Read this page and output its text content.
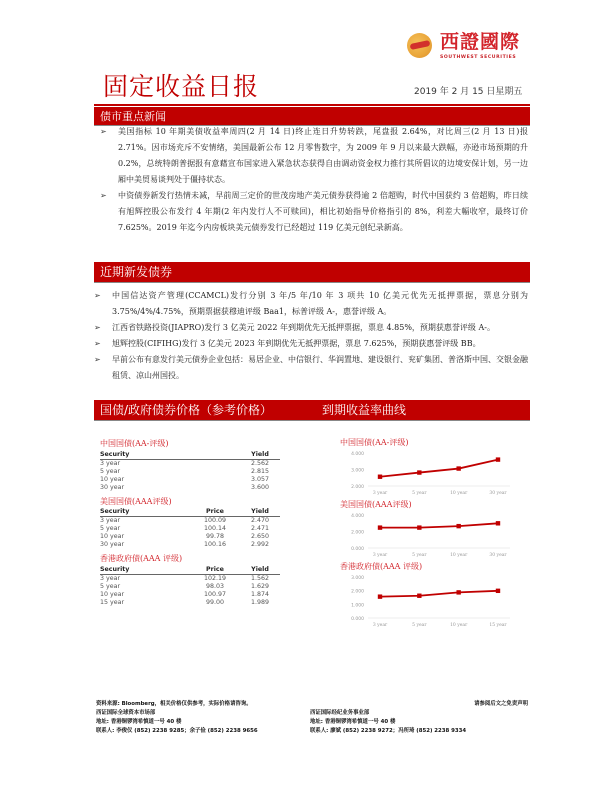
西證國際
SOUTHWEST SECURITIES
固定收益日报	2019 年 2 月 15 日星期五
债市重点新闻
➢ 美国指标 10 年期美债收益率周四(2 月 14 日)终止连日升势转跌，尾盘报 2.64%，对比周三(2 月 13 日)报 2.71%。因市场充斥不安情绪，美国最新公布 12 月零售数字，为 2009 年 9 月以来最大跌幅，亦逊市场预期的升 0.2%，总统特朗普据报有意藉宣布国家进入紧急状态获得自由调动资金权力推行其所倡议的边境安保计划，另一边厢中美贸易谈判处于僵持状态。
➢ 中资债券新发行热情未减，早前周三定价的世茂房地产美元债券获得逾 2 倍超购，时代中国获约 3 倍超购，昨日续有旭辉控股公布发行 4 年期(2 年内发行人不可赎回)，相比初始指导价格指引的 8%，利差大幅收窄，最终订价 7.625%。2019 年迄今内房板块美元债券发行已经超过 119 亿美元创纪录新高。
近期新发债券
➢ 中国信达资产管理(CCAMCL)发行分别 3 年/5 年/10 年 3 项共 10 亿美元优先无抵押票据，票息分别为 3.75%/4%/4.75%，预期票据获穆迪评级 Baa1，标普评级 A-，惠誉评级 A。
➢ 江西省铁路投资(JIAPRO)发行 3 亿美元 2022 年到期优先无抵押票据，票息 4.85%，预期获惠誉评级 A-。
➢ 旭辉控股(CIFIHG)发行 3 亿美元 2023 年到期优先无抵押票据，票息 7.625%，预期获惠誉评级 BB。
➢ 早前公布有意发行美元债券企业包括：易居企业、中信银行、华润置地、建设银行、兖矿集团、普洛斯中国、交银金融租赁、凉山州国投。
国债/政府债券价格（参考价格）	到期收益率曲线
中国国债(AA-评级)
Security		Yield
3 year		2.562
5 year		2.815
10 year		3.057
30 year		3.600
美国国债(AAA评级)
Security	Price	Yield
3 year	100.09	2.470
5 year	100.14	2.471
10 year	99.78	2.650
30 year	100.16	2.992
香港政府债(AAA 评级)
Security	Price	Yield
3 year	102.19	1.562
5 year	98.03	1.629
10 year	100.97	1.874
15 year	99.00	1.989
中国国债(AA-评级)
2.000
3.000
4.000
3 year	5 year	10 year	30 year
美国国债(AAA评级)
0.000
2.000
4.000
3 year	5 year	10 year	30 year
香港政府债(AAA 评级)
0.000
1.000
2.000
3.000
3 year	5 year	10 year	15 year
资料来源: Bloomberg，相关价格仅供参考，实际价格请咨询。
西证国际全球资本市场部
地址: 香港铜锣湾希慎道一号 40 楼
联系人: 李俊仪 (852) 2238 9285；余子俭 (852) 2238 9656
请参阅后文之免责声明
西证国际经纪业务事业部
地址: 香港铜锣湾希慎道一号 40 楼
联系人: 廖斌 (852) 2238 9272；冯所琦 (852) 2238 9334
